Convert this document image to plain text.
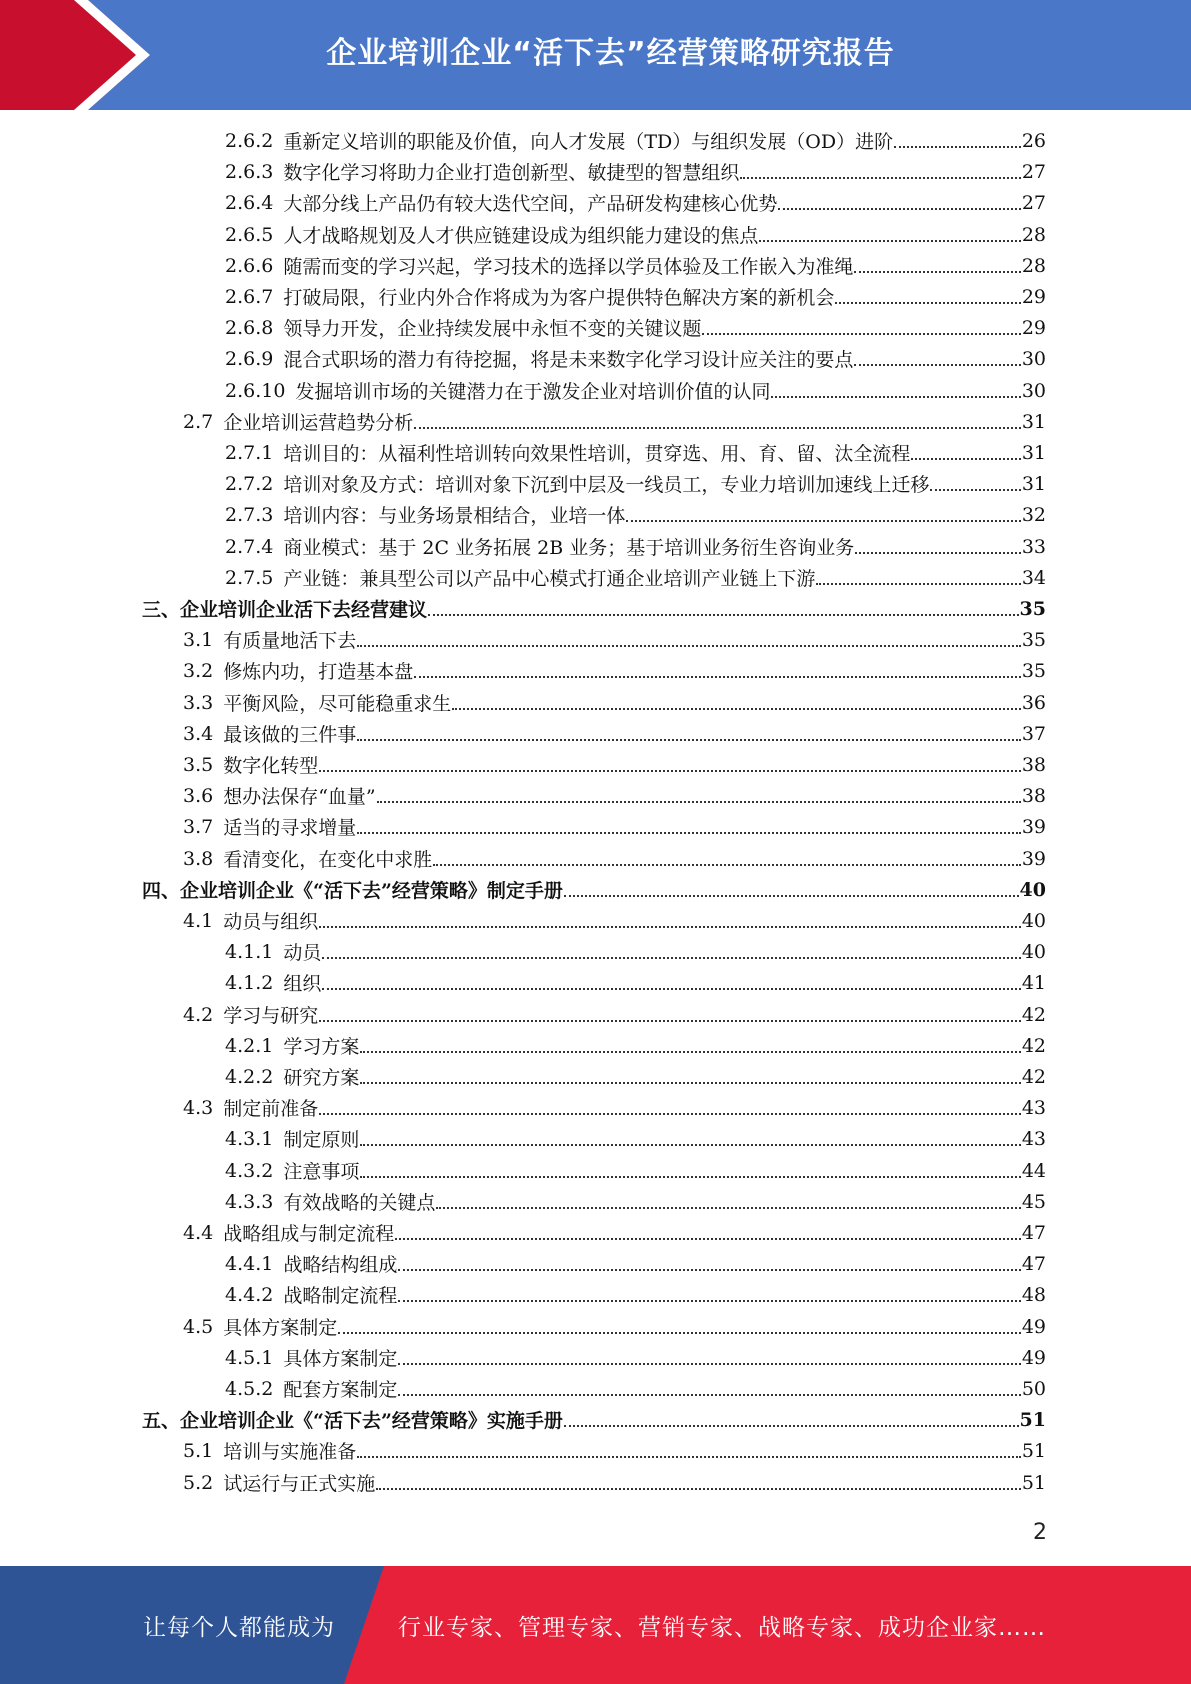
企业培训企业“活下去”经营策略研究报告
2.6.2 重新定义培训的职能及价值，向人才发展（TD）与组织发展（OD）进阶	26
2.6.3 数字化学习将助力企业打造创新型、敏捷型的智慧组织	27
2.6.4 大部分线上产品仍有较大迭代空间，产品研发构建核心优势	27
2.6.5 人才战略规划及人才供应链建设成为组织能力建设的焦点	28
2.6.6 随需而变的学习兴起，学习技术的选择以学员体验及工作嵌入为准绳	28
2.6.7 打破局限，行业内外合作将成为为客户提供特色解决方案的新机会	29
2.6.8 领导力开发，企业持续发展中永恒不变的关键议题	29
2.6.9 混合式职场的潜力有待挖掘，将是未来数字化学习设计应关注的要点	30
2.6.10 发掘培训市场的关键潜力在于激发企业对培训价值的认同	30
2.7 企业培训运营趋势分析	31
2.7.1 培训目的：从福利性培训转向效果性培训，贯穿选、用、育、留、汰全流程	31
2.7.2 培训对象及方式：培训对象下沉到中层及一线员工，专业力培训加速线上迁移	31
2.7.3 培训内容：与业务场景相结合，业培一体	32
2.7.4 商业模式：基于 2C 业务拓展 2B 业务；基于培训业务衍生咨询业务	33
2.7.5 产业链：兼具型公司以产品中心模式打通企业培训产业链上下游	34
三、 企业培训企业活下去经营建议	35
3.1 有质量地活下去	35
3.2 修炼内功，打造基本盘	35
3.3 平衡风险，尽可能稳重求生	36
3.4 最该做的三件事	37
3.5 数字化转型	38
3.6 想办法保存“血量”	38
3.7 适当的寻求增量	39
3.8 看清变化，在变化中求胜	39
四、 企业培训企业《“活下去”经营策略》制定手册	40
4.1 动员与组织	40
4.1.1 动员	40
4.1.2 组织	41
4.2 学习与研究	42
4.2.1 学习方案	42
4.2.2 研究方案	42
4.3 制定前准备	43
4.3.1 制定原则	43
4.3.2 注意事项	44
4.3.3 有效战略的关键点	45
4.4 战略组成与制定流程	47
4.4.1 战略结构组成	47
4.4.2 战略制定流程	48
4.5 具体方案制定	49
4.5.1 具体方案制定	49
4.5.2 配套方案制定	50
五、 企业培训企业《“活下去”经营策略》实施手册	51
5.1 培训与实施准备	51
5.2 试运行与正式实施	51
2
让每个人都能成为	行业专家、管理专家、营销专家、战略专家、成功企业家……
